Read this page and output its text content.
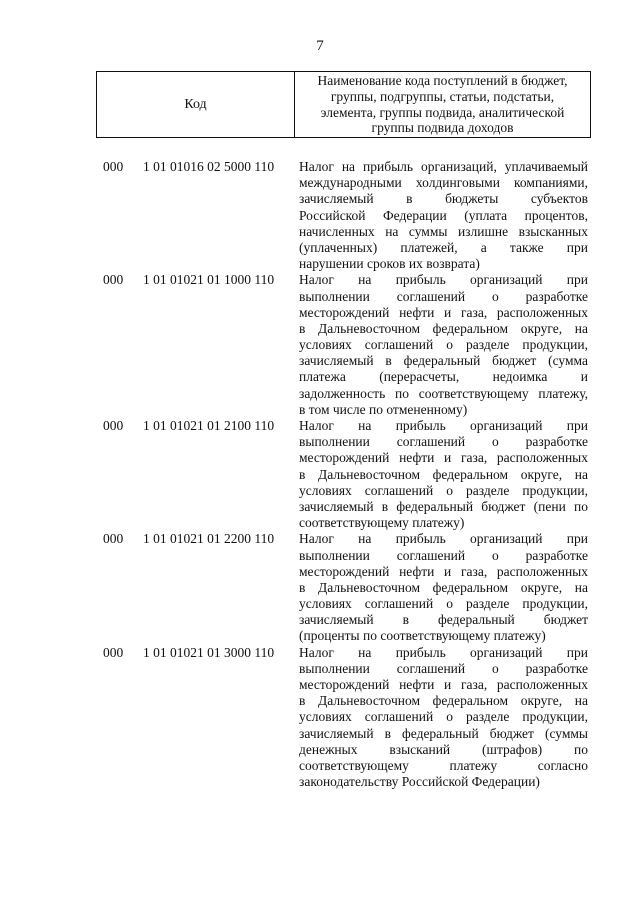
7
Код
Наименование кода поступлений в бюджет,
группы, подгруппы, статьи, подстатьи,
элемента, группы подвида, аналитической
группы подвида доходов
000 1 01 01016 02 5000 110 Налог на прибыль организаций, уплачиваемый
международными холдинговыми компаниями,
зачисляемый в бюджеты субъектов
Российской Федерации (уплата процентов,
начисленных на суммы излишне взысканных
(уплаченных) платежей, а также при
нарушении сроков их возврата)
000 1 01 01021 01 1000 110 Налог на прибыль организаций при
выполнении соглашений о разработке
месторождений нефти и газа, расположенных
в Дальневосточном федеральном округе, на
условиях соглашений о разделе продукции,
зачисляемый в федеральный бюджет (сумма
платежа (перерасчеты, недоимка и
задолженность по соответствующему платежу,
в том числе по отмененному)
000 1 01 01021 01 2100 110 Налог на прибыль организаций при
выполнении соглашений о разработке
месторождений нефти и газа, расположенных
в Дальневосточном федеральном округе, на
условиях соглашений о разделе продукции,
зачисляемый в федеральный бюджет (пени по
соответствующему платежу)
000 1 01 01021 01 2200 110 Налог на прибыль организаций при
выполнении соглашений о разработке
месторождений нефти и газа, расположенных
в Дальневосточном федеральном округе, на
условиях соглашений о разделе продукции,
зачисляемый в федеральный бюджет
(проценты по соответствующему платежу)
000 1 01 01021 01 3000 110 Налог на прибыль организаций при
выполнении соглашений о разработке
месторождений нефти и газа, расположенных
в Дальневосточном федеральном округе, на
условиях соглашений о разделе продукции,
зачисляемый в федеральный бюджет (суммы
денежных взысканий (штрафов) по
соответствующему платежу согласно
законодательству Российской Федерации)
